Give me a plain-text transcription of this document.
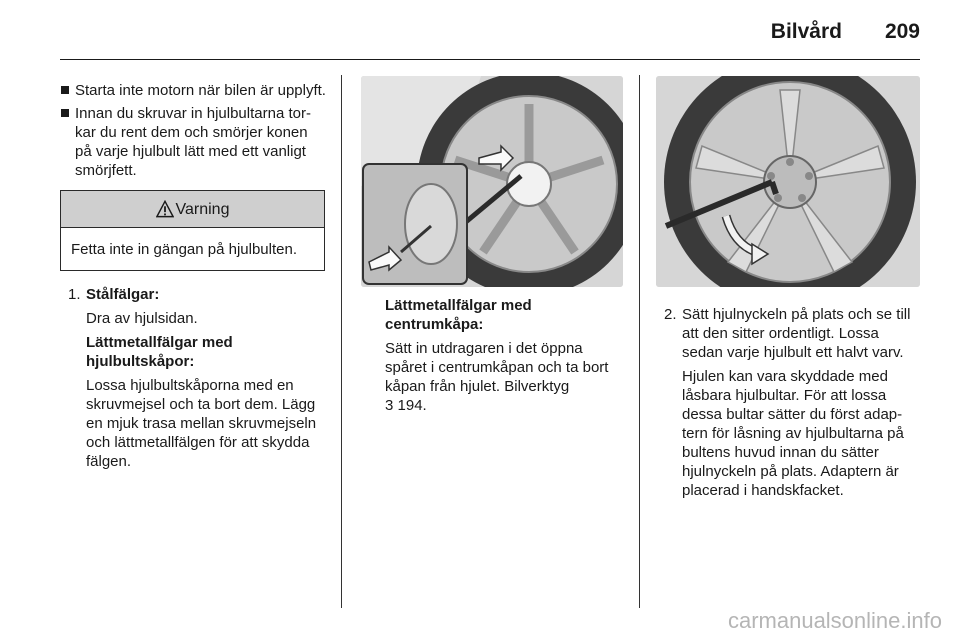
Bilvård 209
Starta inte motorn när bilen är upplyft.
Innan du skruvar in hjulbultarna torkar du rent dem och smörjer konen på varje hjulbult lätt med ett vanligt smörjfett.
Varning
Fetta inte in gängan på hjulbulten.
1. Stålfälgar:

Dra av hjulsidan.

Lättmetallfälgar med hjulbultskåpor:

Lossa hjulbultskåporna med en skruvmejsel och ta bort dem. Lägg en mjuk trasa mellan skruvmejseln och lättmetallfälgen för att skydda fälgen.

Lättmetallfälgar med centrumkåpa:

Sätt in utdragaren i det öppna spåret i centrumkåpan och ta bort kåpan från hjulet. Bilverktyg
3 194.

2. Sätt hjulnyckeln på plats och se till att den sitter ordentligt. Lossa sedan varje hjulbult ett halvt varv.

Hjulen kan vara skyddade med låsbara hjulbultar. För att lossa dessa bultar sätter du först adaptern för låsning av hjulbultarna på bultens huvud innan du sätter hjulnyckeln på plats. Adaptern är placerad i handskfacket.

carmanualsonline.info
